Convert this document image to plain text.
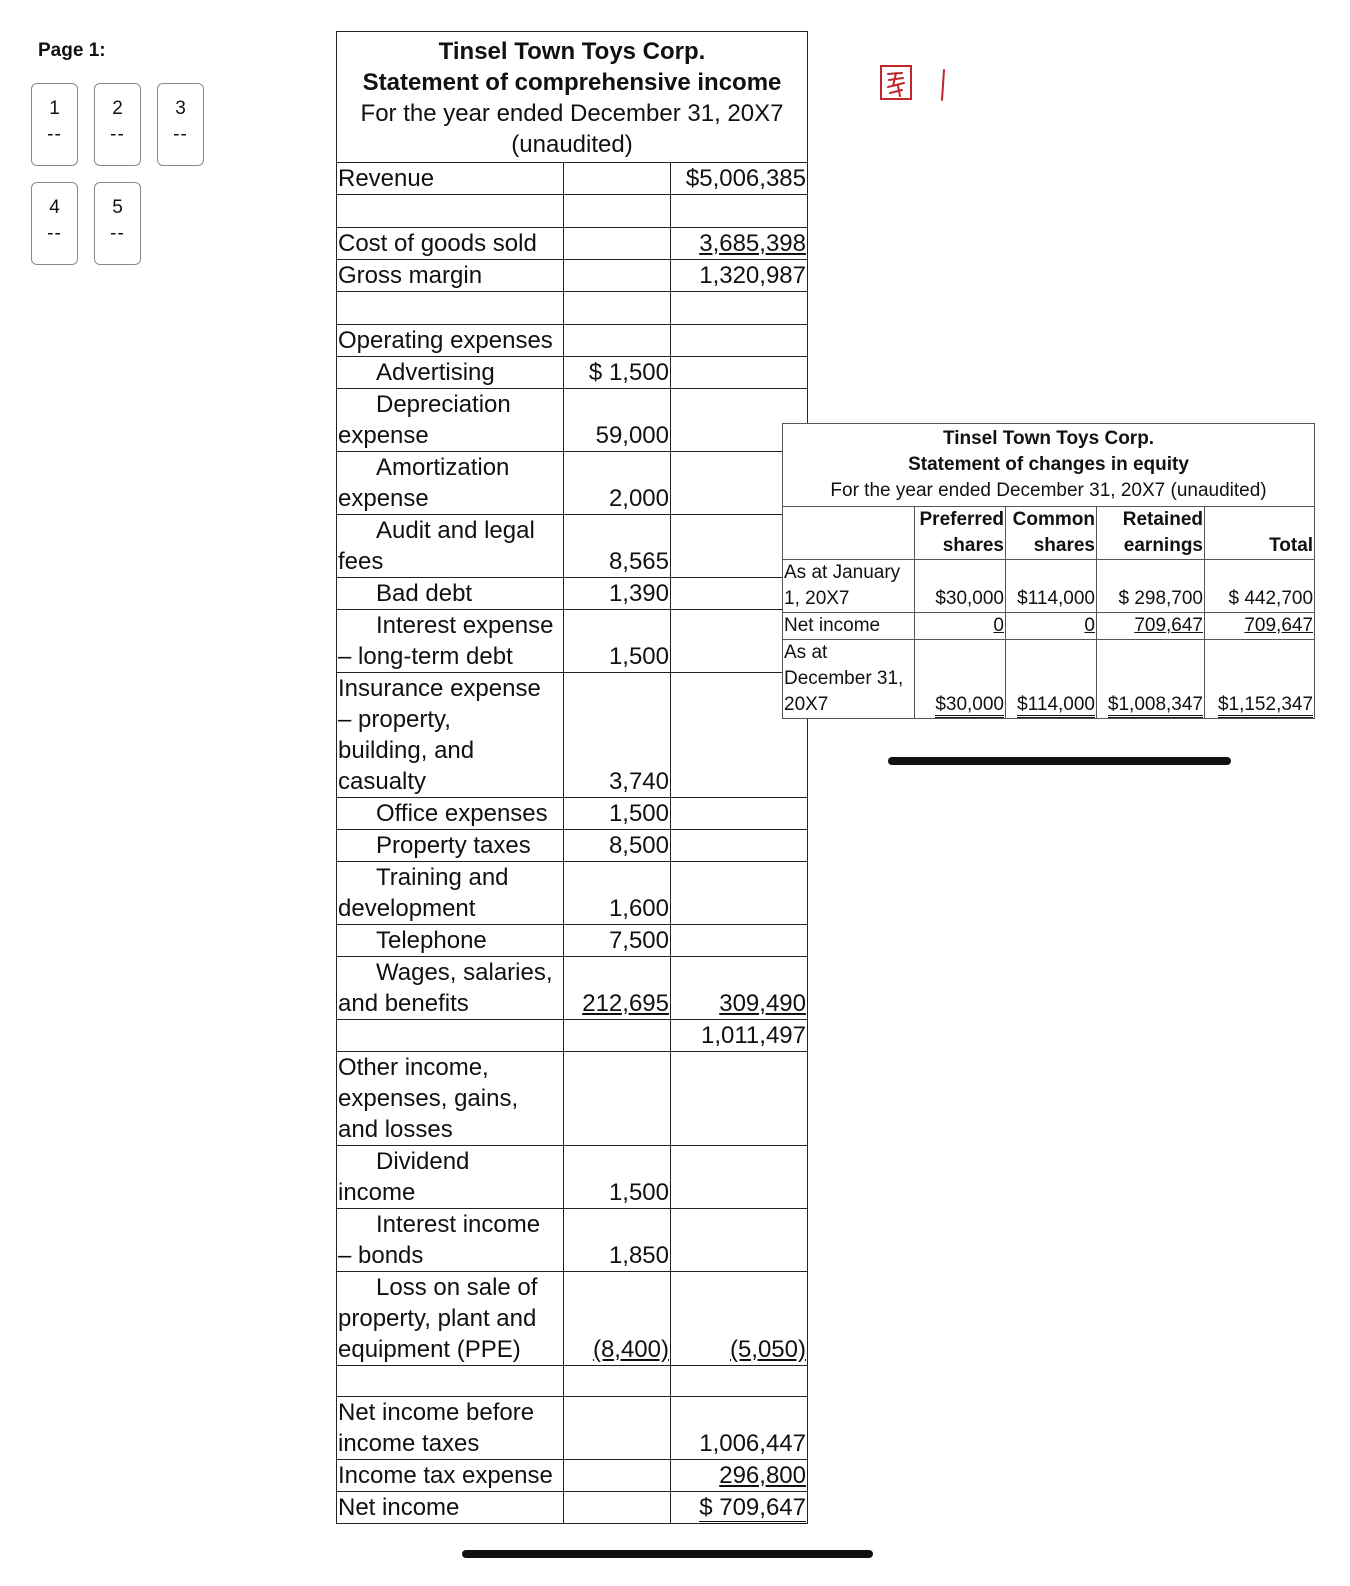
Page 1:
1
--
2
--
3
--
4
--
5
--
Tinsel Town Toys Corp.
Statement of comprehensive income
For the year ended December 31, 20X7
(unaudited)		

Revenue		$5,006,385

Cost of goods sold		3,685,398
Gross margin		1,320,987

Operating expenses		
Advertising	$ 1,500	
Depreciation
expense	59,000	
Amortization
expense	2,000	
Audit and legal
fees	8,565	
Bad debt	1,390	
Interest expense
– long-term debt	1,500	
Insurance expense
– property,
building, and
casualty	3,740	
Office expenses	1,500	
Property taxes	8,500	
Training and
development	1,600	
Telephone	7,500	
Wages, salaries,
and benefits	212,695	309,490
		1,011,497
Other income, expenses, gains, and losses		
Dividend
income	1,500	
Interest income
– bonds	1,850	
Loss on sale of
property, plant and
equipment (PPE)	(8,400)	(5,050)

Net income before income taxes		1,006,447
Income tax expense		296,800
Net income		$ 709,647
Tinsel Town Toys Corp.
Statement of changes in equity
For the year ended December 31, 20X7 (unaudited)				

	Preferred shares	Common shares	Retained earnings	Total
As at January 1, 20X7	$30,000	$114,000	$ 298,700	$ 442,700
Net income	0	0	709,647	709,647
As at December 31, 20X7	$30,000	$114,000	$1,008,347	$1,152,347
